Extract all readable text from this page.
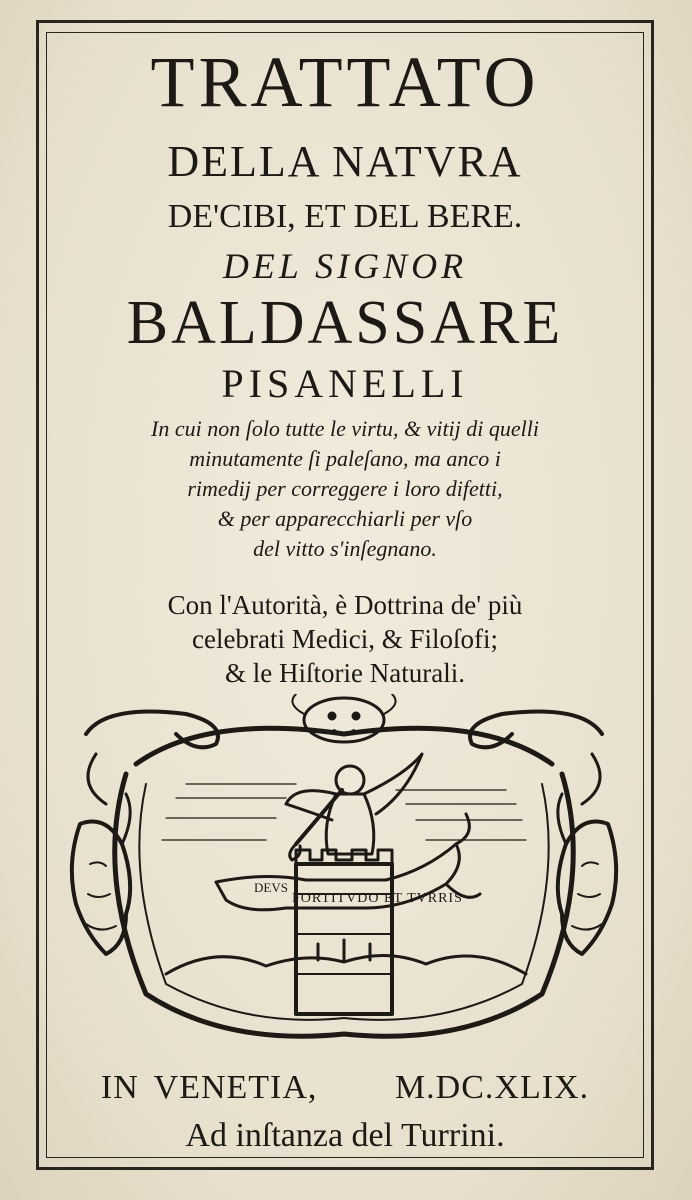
TRATTATO
DELLA NATVRA
DE'CIBI, ET DEL BERE.
DEL SIGNOR
BALDASSARE
PISANELLI
In cui non ſolo tutte le virtu, & vitij di quelli
minutamente ſi paleſano, ma anco i
rimedij per correggere i loro difetti,
& per apparecchiarli per vſo
del vitto s'inſegnano.
Con l'Autorità, è Dottrina de' più
celebrati Medici, & Filoſofi;
& le Hiſtorie Naturali.
DEVS
FORTITVDO ET TVRRIS
IN VENETIA, M.DC.XLIX.
Ad inſtanza del Turrini.
